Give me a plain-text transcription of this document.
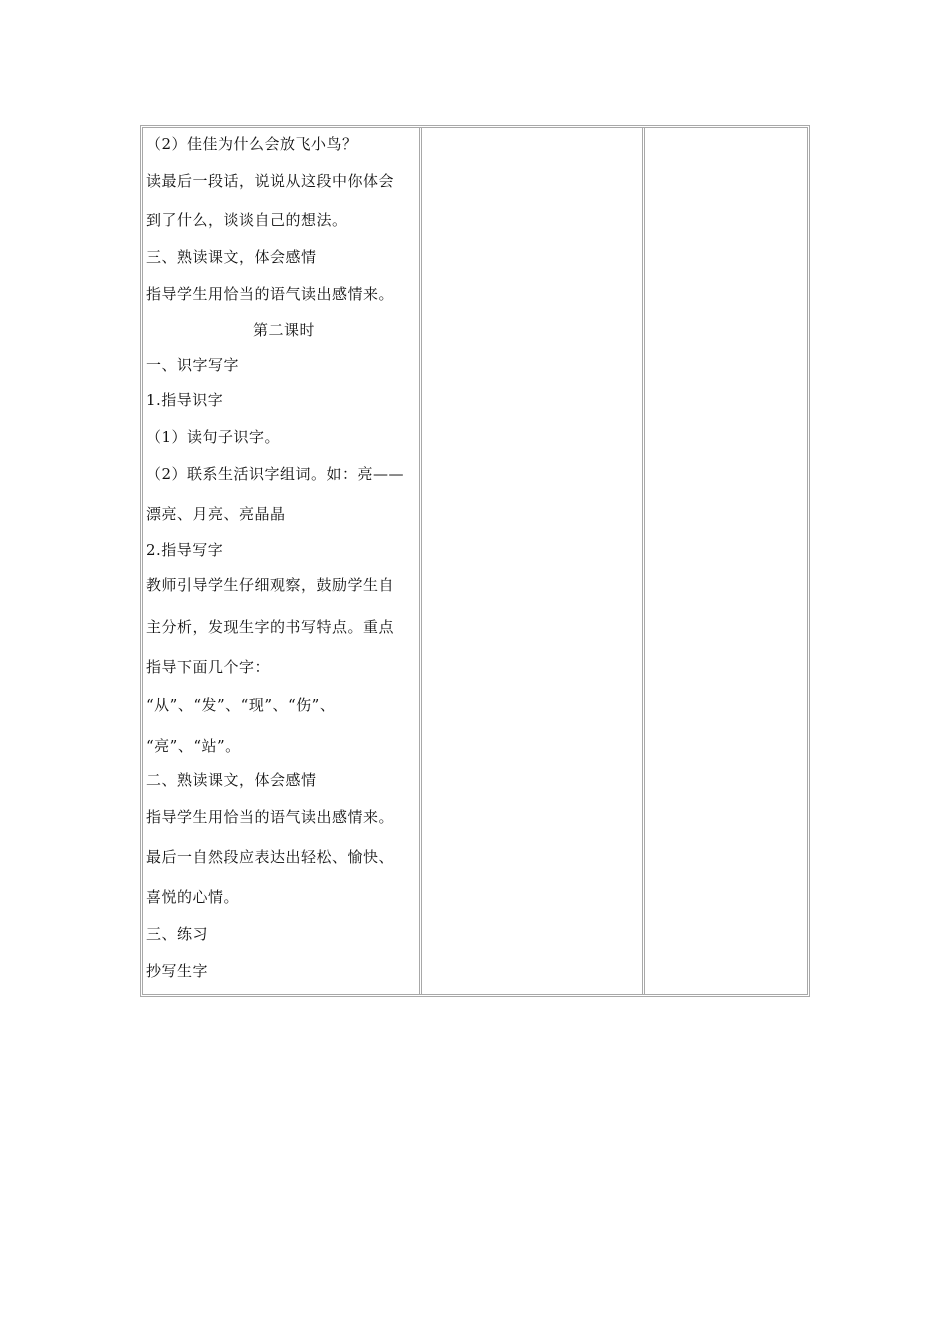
（2）佳佳为什么会放飞小鸟？
读最后一段话，说说从这段中你体会
到了什么，谈谈自己的想法。
三、熟读课文，体会感情
指导学生用恰当的语气读出感情来。
第二课时
一、识字写字
1.指导识字
（1）读句子识字。
（2）联系生活识字组词。如：亮——
漂亮、月亮、亮晶晶
2.指导写字
教师引导学生仔细观察，鼓励学生自
主分析，发现生字的书写特点。重点
指导下面几个字：
“从”、“发”、“现”、“伤”、
“亮”、“站”。
二、熟读课文，体会感情
指导学生用恰当的语气读出感情来。
最后一自然段应表达出轻松、愉快、
喜悦的心情。
三、练习
抄写生字
